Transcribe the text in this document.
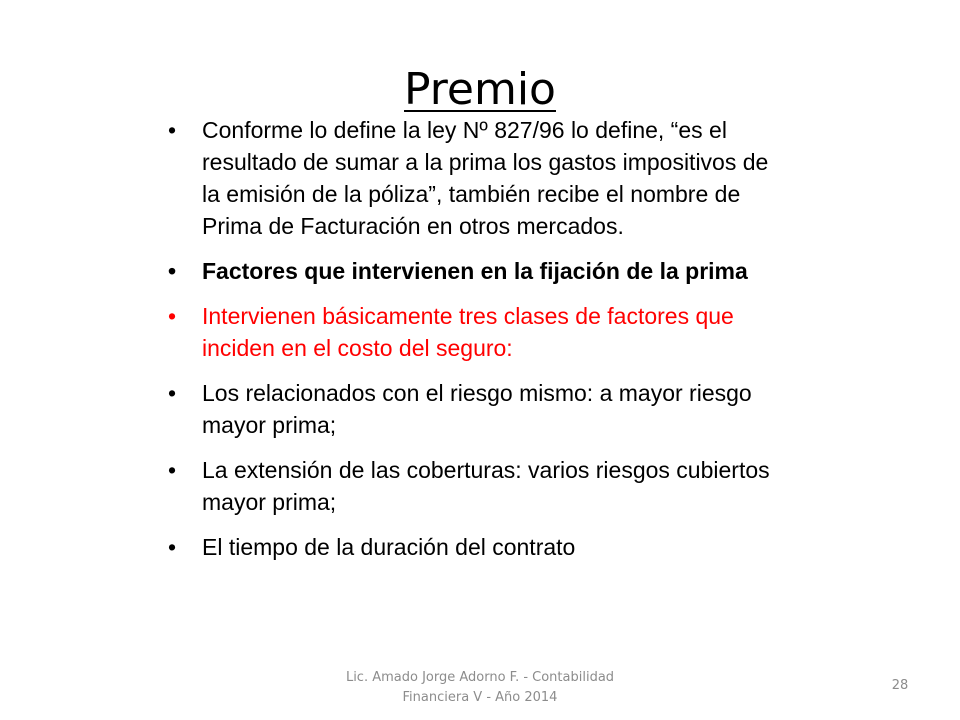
Premio
• Conforme lo define la ley Nº 827/96 lo define, “es el resultado de sumar a la prima los gastos impositivos de la emisión de la póliza”, también recibe el nombre de Prima de Facturación en otros mercados.
• Factores que intervienen en la fijación de la prima
• Intervienen básicamente tres clases de factores que inciden en el costo del seguro:
• Los relacionados con el riesgo mismo: a mayor riesgo mayor prima;
• La extensión de las coberturas: varios riesgos cubiertos mayor prima;
• El tiempo de la duración del contrato
Lic. Amado Jorge Adorno F. - Contabilidad
Financiera V - Año 2014
28
